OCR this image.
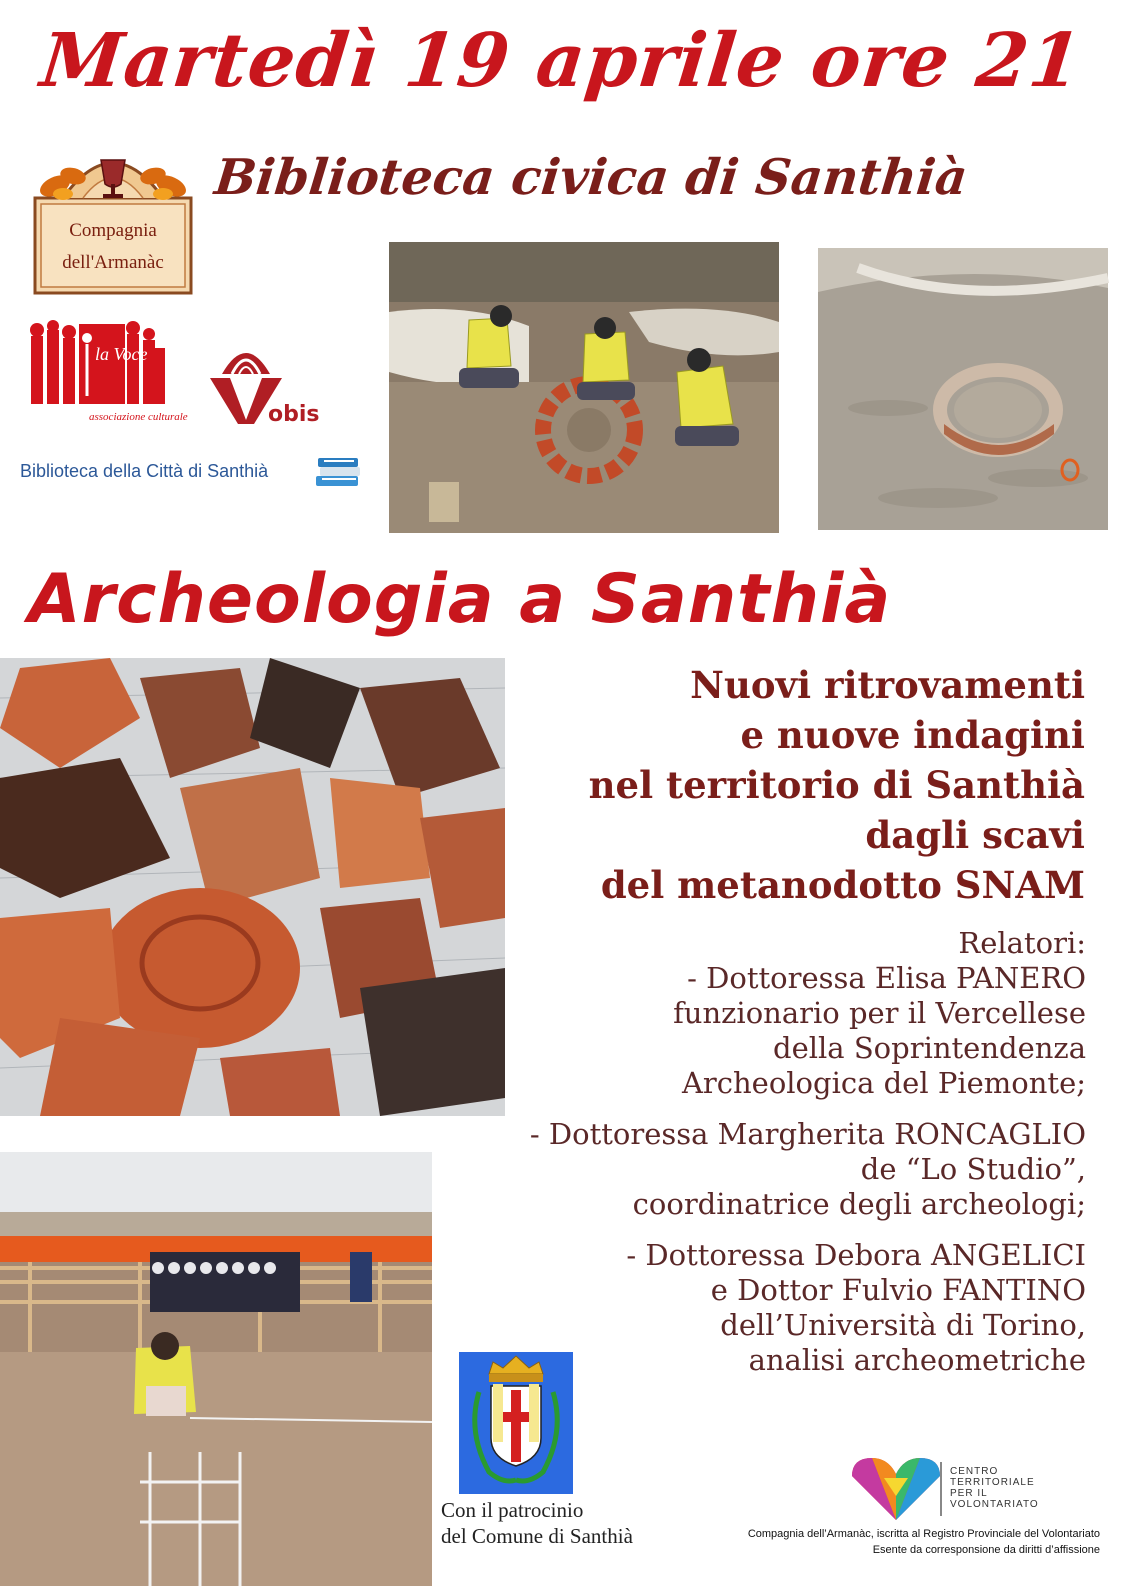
Martedì 19 aprile ore 21
Biblioteca civica di Santhià
Compagnia
dell'Armanàc
la Voce
associazione culturale	obis
Biblioteca della Città di Santhià
Archeologia a Santhià
Nuovi ritrovamenti
e nuove indagini
nel territorio di Santhià
dagli scavi
del metanodotto SNAM
Relatori:
- Dottoressa Elisa PANERO
funzionario per il Vercellese
della Soprintendenza
Archeologica del Piemonte;
- Dottoressa Margherita RONCAGLIO
de “Lo Studio”,
coordinatrice degli archeologi;
- Dottoressa Debora ANGELICI
e Dottor Fulvio FANTINO
dell’Università di Torino,
analisi archeometriche
Con il patrocinio
del Comune di Santhià
CENTRO
TERRITORIALE
PER IL
VOLONTARIATO
Compagnia dell’Armanàc, iscritta al Registro Provinciale del Volontariato
Esente da corresponsione da diritti d’affissione
